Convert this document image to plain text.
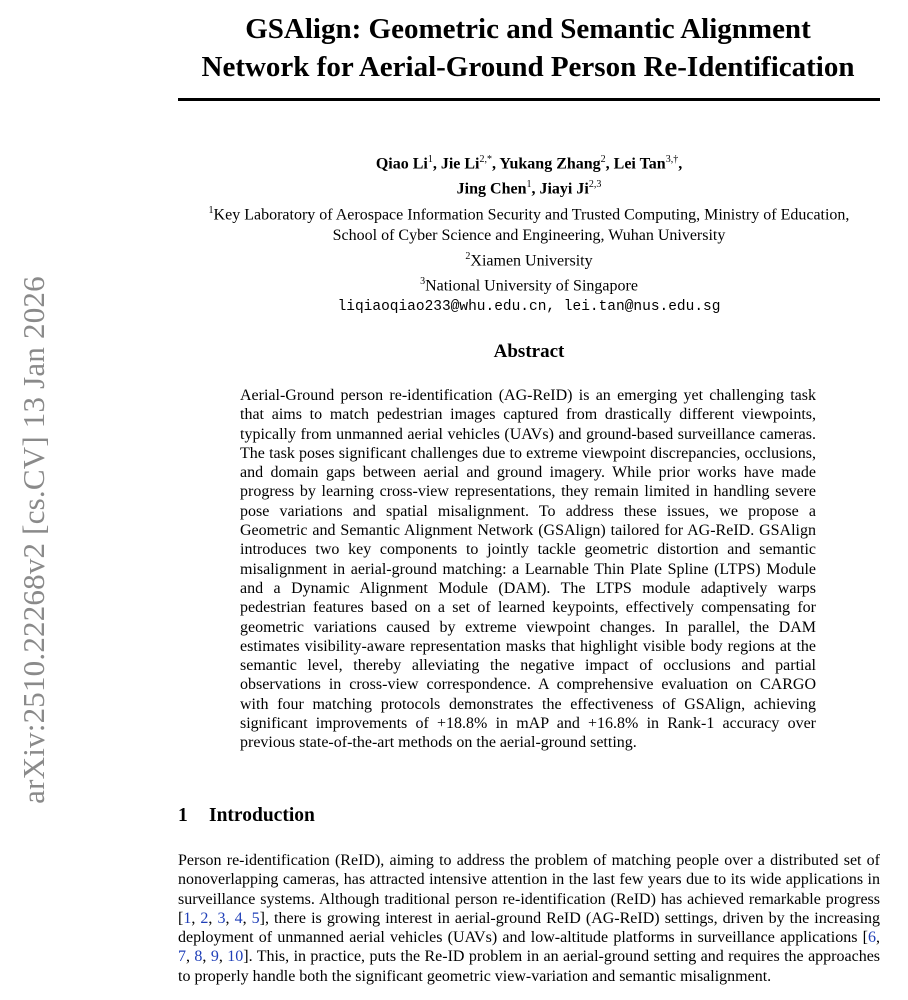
arXiv:2510.22268v2 [cs.CV] 13 Jan 2026
GSAlign: Geometric and Semantic Alignment
Network for Aerial-Ground Person Re-Identification
Qiao Li$^1$, Jie $Li^{2,*}$, Yukang Zhang$^2$, Lei Tan$^{3,\dagger}$,
Jing Chen$^1$, Jiayi Ji$^{2,3}$
$^1$Key Laboratory of Aerospace Information Security and Trusted Computing, Ministry of Education,
School of Cyber Science and Engineering, Wuhan University
$^2$Xiamen University
$^3$National University of Singapore
liqiaoqiao233@whu.edu.cn, lei.tan@nus.edu.sg
Abstract
Aerial-Ground person re-identification (AG-ReID) is an emerging yet challenging task that aims to match pedestrian images captured from drastically different viewpoints, typically from unmanned aerial vehicles (UAVs) and ground-based surveillance cameras. The task poses significant challenges due to extreme viewpoint discrepancies, occlusions, and domain gaps between aerial and ground imagery. While prior works have made progress by learning cross-view representations, they remain limited in handling severe pose variations and spatial misalignment. To address these issues, we propose a Geometric and Semantic Alignment Network (GSAlign) tailored for AG-ReID. GSAlign introduces two key components to jointly tackle geometric distortion and semantic misalignment in aerial-ground matching: a Learnable Thin Plate Spline (LTPS) Module and a Dynamic Alignment Module (DAM). The LTPS module adaptively warps pedestrian features based on a set of learned keypoints, effectively compensating for geometric variations caused by extreme viewpoint changes. In parallel, the DAM estimates visibility-aware representation masks that highlight visible body regions at the semantic level, thereby alleviating the negative impact of occlusions and partial observations in cross-view correspondence. A comprehensive evaluation on CARGO with four matching protocols demonstrates the effectiveness of GSAlign, achieving significant improvements of +18.8% in mAP and +16.8% in Rank-1 accuracy over previous state-of-the-art methods on the aerial-ground setting.
1 Introduction
Person re-identification (ReID), aiming to address the problem of matching people over a distributed set of nonoverlapping cameras, has attracted intensive attention in the last few years due to its wide applications in surveillance systems. Although traditional person re-identification (ReID) has achieved remarkable progress [1, 2, 3, 4, 5], there is growing interest in aerial-ground ReID (AG-ReID) settings, driven by the increasing deployment of unmanned aerial vehicles (UAVs) and low-altitude platforms in surveillance applications [6, 7, 8, 9, 10]. This, in practice, puts the Re-ID problem in an aerial-ground setting and requires the approaches to properly handle both the significant geometric view-variation and semantic misalignment.
